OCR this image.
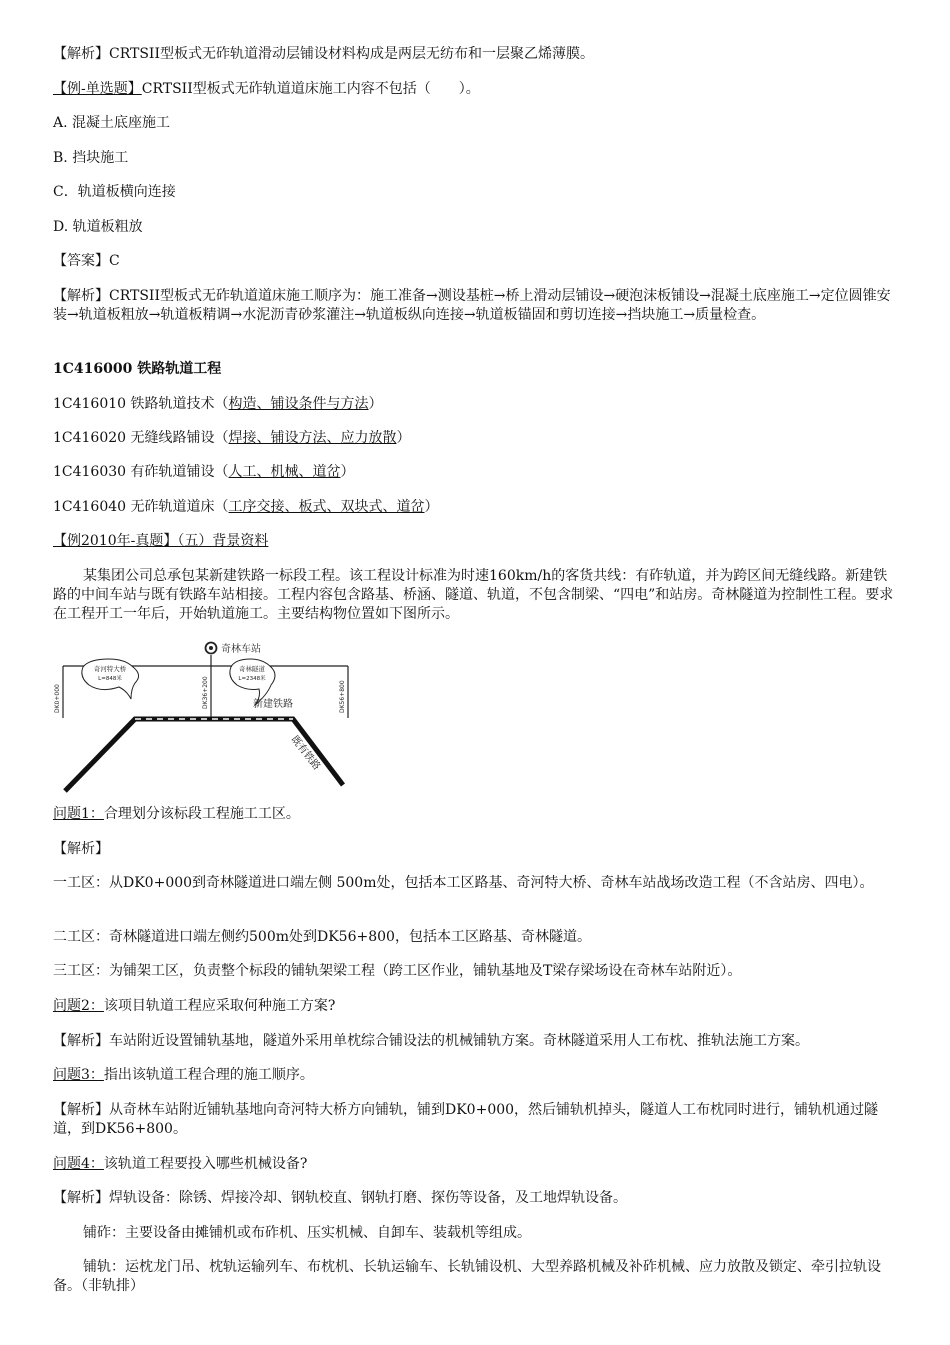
【解析】CRTSII型板式无砟轨道滑动层铺设材料构成是两层无纺布和一层聚乙烯薄膜。
【例-单选题】CRTSII型板式无砟轨道道床施工内容不包括（　　）。
A. 混凝土底座施工
B. 挡块施工
C．轨道板横向连接
D. 轨道板粗放
【答案】C
【解析】CRTSII型板式无砟轨道道床施工顺序为：施工准备→测设基桩→桥上滑动层铺设→硬泡沫板铺设→混凝土底座施工→定位圆锥安装→轨道板粗放→轨道板精调→水泥沥青砂浆灌注→轨道板纵向连接→轨道板锚固和剪切连接→挡块施工→质量检查。
1C416000 铁路轨道工程
1C416010 铁路轨道技术（构造、铺设条件与方法）
1C416020 无缝线路铺设（焊接、铺设方法、应力放散）
1C416030 有砟轨道铺设（人工、机械、道岔）
1C416040 无砟轨道道床（工序交接、板式、双块式、道岔）
【例2010年-真题】（五）背景资料
某集团公司总承包某新建铁路一标段工程。该工程设计标准为时速160km/h的客货共线：有砟轨道，并为跨区间无缝线路。新建铁路的中间车站与既有铁路车站相接。工程内容包含路基、桥涵、隧道、轨道，不包含制梁、“四电”和站房。奇林隧道为控制性工程。要求在工程开工一年后，开始轨道施工。主要结构物位置如下图所示。
奇林车站
DK0+000	DK36+200	DK56+800
奇河特大桥
L=848米
奇林隧道
L=2348米
新建铁路
既有铁路
问题1：合理划分该标段工程施工工区。
【解析】
一工区：从DK0+000到奇林隧道进口端左侧 500m处，包括本工区路基、奇河特大桥、奇林车站战场改造工程（不含站房、四电）。
二工区：奇林隧道进口端左侧约500m处到DK56+800，包括本工区路基、奇林隧道。
三工区：为铺架工区，负责整个标段的铺轨架梁工程（跨工区作业，铺轨基地及T梁存梁场设在奇林车站附近）。
问题2：该项目轨道工程应采取何种施工方案?
【解析】车站附近设置铺轨基地，隧道外采用单枕综合铺设法的机械铺轨方案。奇林隧道采用人工布枕、推轨法施工方案。
问题3：指出该轨道工程合理的施工顺序。
【解析】从奇林车站附近铺轨基地向奇河特大桥方向铺轨，铺到DK0+000，然后铺轨机掉头，隧道人工布枕同时进行，铺轨机通过隧道，到DK56+800。
问题4：该轨道工程要投入哪些机械设备?
【解析】焊轨设备：除锈、焊接冷却、钢轨校直、钢轨打磨、探伤等设备，及工地焊轨设备。
铺砟：主要设备由摊铺机或布砟机、压实机械、自卸车、装载机等组成。
铺轨：运枕龙门吊、枕轨运输列车、布枕机、长轨运输车、长轨铺设机、大型养路机械及补砟机械、应力放散及锁定、牵引拉轨设备。（非轨排）
